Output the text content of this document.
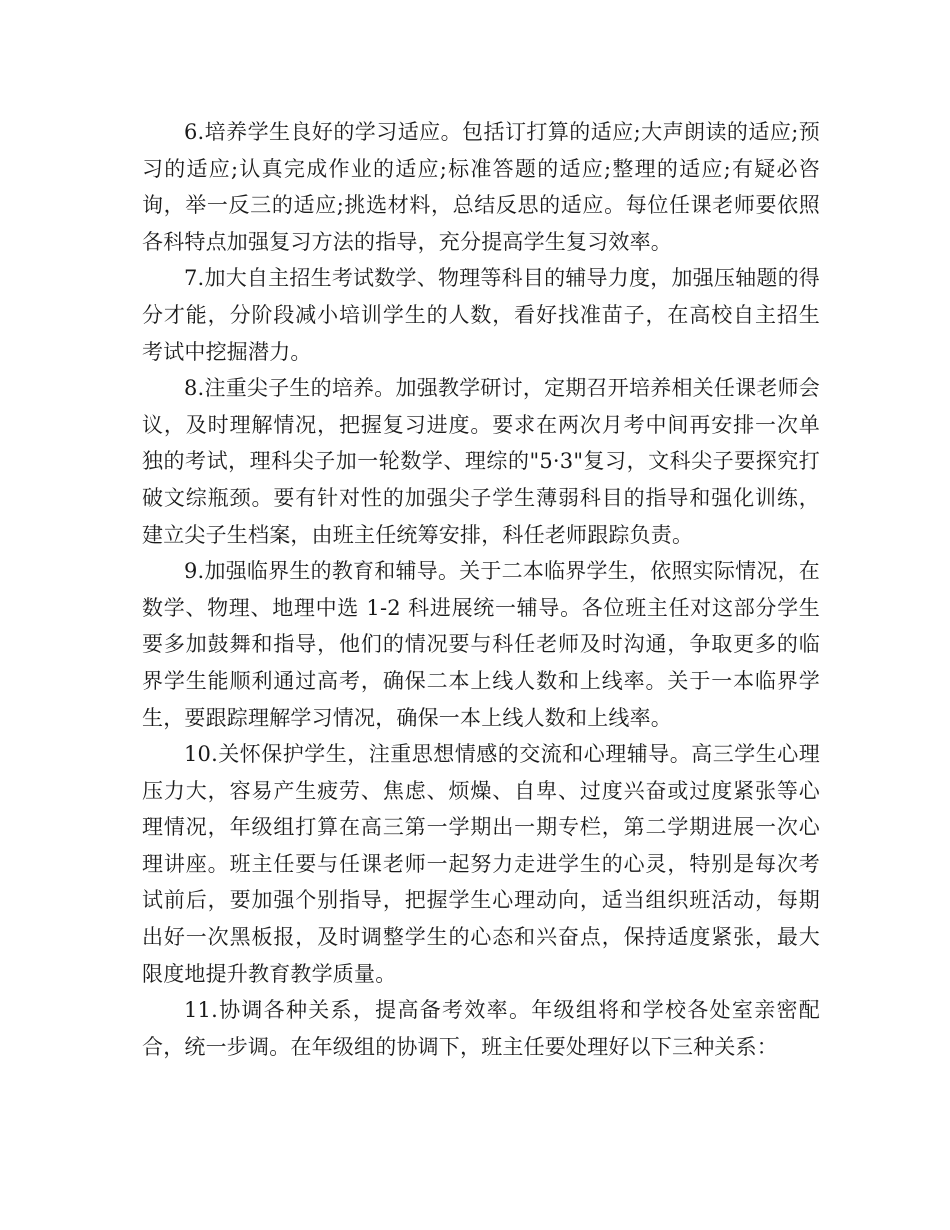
6.培养学生良好的学习适应。包括订打算的适应;大声朗读的适应;预习的适应;认真完成作业的适应;标准答题的适应;整理的适应;有疑必咨询，举一反三的适应;挑选材料，总结反思的适应。每位任课老师要依照各科特点加强复习方法的指导，充分提高学生复习效率。

7.加大自主招生考试数学、物理等科目的辅导力度，加强压轴题的得分才能，分阶段减小培训学生的人数，看好找准苗子，在高校自主招生考试中挖掘潜力。

8.注重尖子生的培养。加强教学研讨，定期召开培养相关任课老师会议，及时理解情况，把握复习进度。要求在两次月考中间再安排一次单独的考试，理科尖子加一轮数学、理综的"5·3"复习，文科尖子要探究打破文综瓶颈。要有针对性的加强尖子学生薄弱科目的指导和强化训练，建立尖子生档案，由班主任统筹安排，科任老师跟踪负责。

9.加强临界生的教育和辅导。关于二本临界学生，依照实际情况，在数学、物理、地理中选 1-2 科进展统一辅导。各位班主任对这部分学生要多加鼓舞和指导，他们的情况要与科任老师及时沟通，争取更多的临界学生能顺利通过高考，确保二本上线人数和上线率。关于一本临界学生，要跟踪理解学习情况，确保一本上线人数和上线率。

10.关怀保护学生，注重思想情感的交流和心理辅导。高三学生心理压力大，容易产生疲劳、焦虑、烦燥、自卑、过度兴奋或过度紧张等心理情况，年级组打算在高三第一学期出一期专栏，第二学期进展一次心理讲座。班主任要与任课老师一起努力走进学生的心灵，特别是每次考试前后，要加强个别指导，把握学生心理动向，适当组织班活动，每期出好一次黑板报，及时调整学生的心态和兴奋点，保持适度紧张，最大限度地提升教育教学质量。

11.协调各种关系，提高备考效率。年级组将和学校各处室亲密配合，统一步调。在年级组的协调下，班主任要处理好以下三种关系：
